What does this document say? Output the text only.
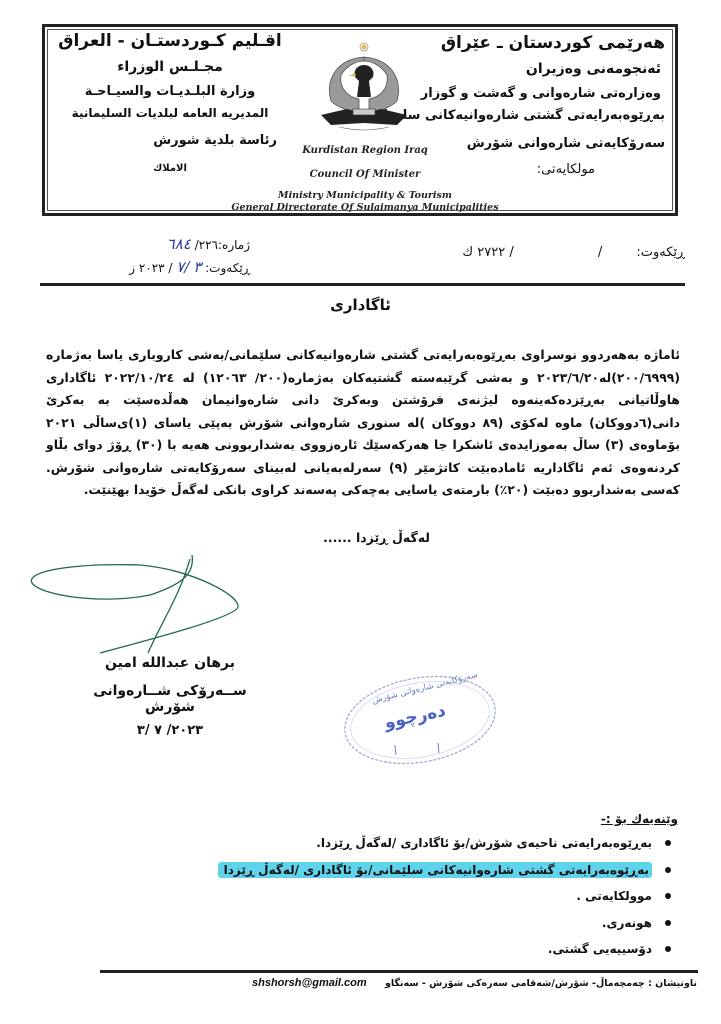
هەرێمی کوردستان ـ عێراق
ئەنجومەنی وەزیران
وەزارەتی شارەوانی و گەشت و گوزار
بەڕێوەبەرایەتی گشتی شارەوانیەکانی سلیمانی
سەرۆکایەتی شارەوانی شۆرش
مولکایەتی:
اقـليم كـوردستـان - العراق
مجـلـس الوزراء
وزارة البلـديـات والسيـاحـة
المديريه العامه لبلديات السليمانية
رئاسة بلدية شورش
الاملاك
Kurdistan Region Iraq
Council Of Minister
Ministry Municipality & Tourism
General Directorate Of Sulaimanya Municipalities
ڕێکەوت: / / ٢٧٢٢ ك
ژمارە:٢٢٦/ ٦٨٤
ڕێکەوت: ٣ /٧ / ٢٠٢٣ ز
ئاگاداری
ئاماژە بەهەردوو نوسراوی بەڕێوەبەرایەتی گشتی شارەوانیەکانی سلێمانی/بەشی کاروباری یاسا بەژمارە (٢٠٠/٦٩٩٩)لە٢٠٢٣/٦/٢٠ و بەشی گرێبەستە گشتیەکان بەژمارە(٢٠٠/ ١٢٠٦٣) لە ٢٠٢٢/١٠/٢٤ ئاگاداری هاوڵاتیانی بەڕێزدەکەینەوە لیژنەی فرۆشتن وبەکرێ دانی شارەوانیمان هەڵدەسێت بە بەکرێ دانی(٦دووکان) ماوە لەکۆی (٨٩ دووکان )لە سنوری شارەوانی شۆرش بەپێی یاسای (١)ی‌ساڵی ٢٠٢١ بۆماوەی (٣) ساڵ بەموزایدەی ئاشکرا جا هەرکەسێك ئارەزووی بەشداربوونی هەیە با (٣٠) ڕۆژ دوای بڵاو کردنەوەی ئەم ئاگاداریە ئامادەبێت کاتژمێر (٩) سەرلەبەیانی لەبینای سەرۆکایەتی شارەوانی شۆرش. کەسی بەشداربوو دەبێت (٢٠٪) بارمتەی یاسایی بەچەکی پەسەند کراوی بانکی لەگەڵ خۆیدا بهێنێت.
لەگەڵ ڕێزدا ......
برهان عبدالله امین
ســەرۆکی شــارەوانی شۆرش
٢٠٢٣/ ٧ /٣
سەرۆکایەتی شارەوانی شۆرش
دەرچوو
وێنەیەك بۆ :-
بەڕێوەبەرایەتی ناحیەی شۆرش/بۆ ئاگاداری /لەگەڵ ڕێزدا.
بەڕێوەبەرایەتی گشتی شارەوانیەکانی سلێمانی/بۆ ئاگاداری /لەگەڵ ڕێزدا
موولکایەتی .
هونەری.
دۆسییەیی گشتی.
ناونیشان : چەمچەماڵ- شۆرش/شەقامی سەرەکی شۆرش - سەنگاو
shshorsh@gmail.com
